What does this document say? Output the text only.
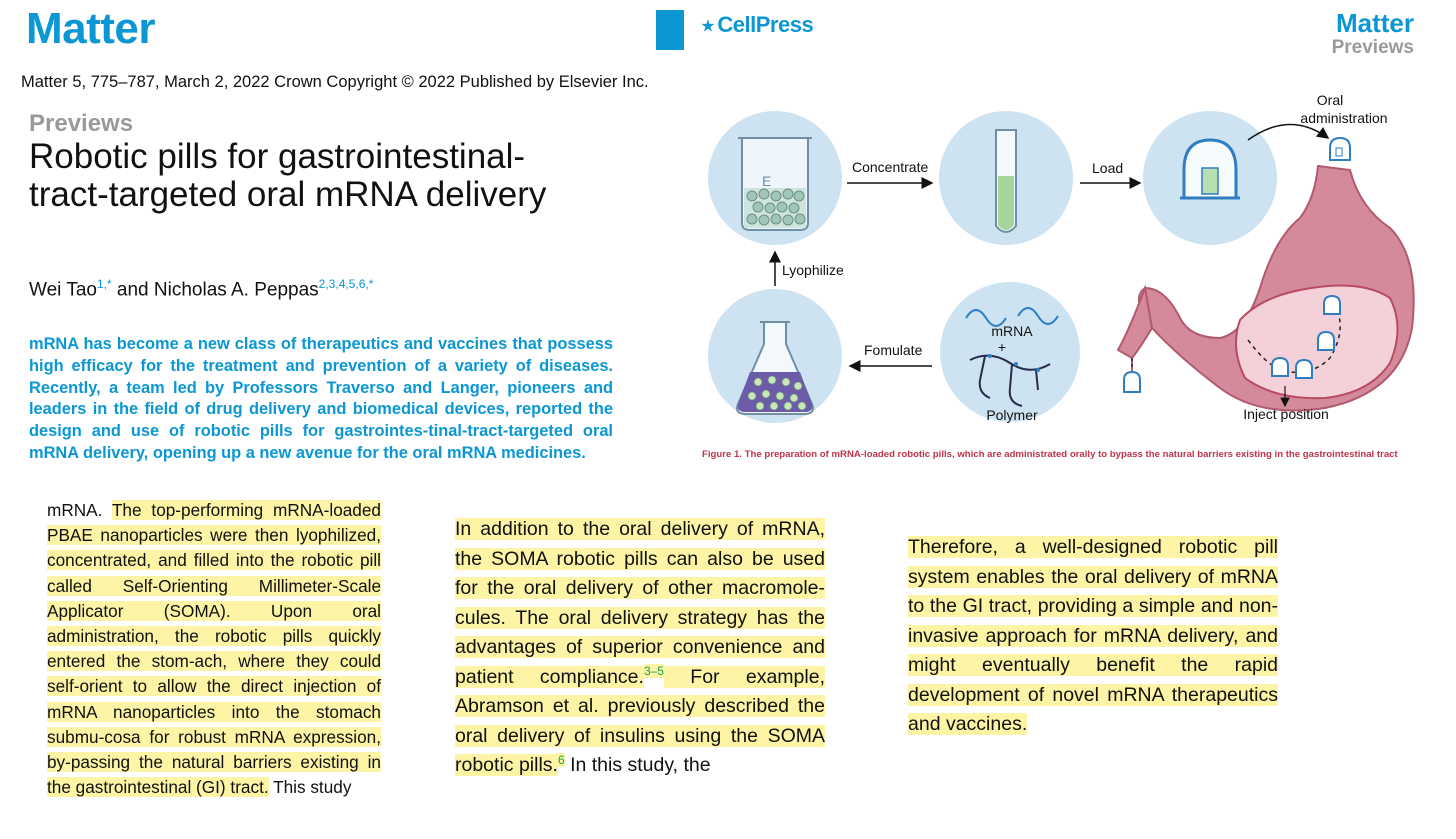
Matter	⭑ CellPress	Matter
Previews
Matter 5, 775–787, March 2, 2022 Crown Copyright © 2022 Published by Elsevier Inc.
Previews
Robotic pills for gastrointestinal-tract-targeted oral mRNA delivery
Wei Tao$^{1,*}$ and Nicholas A. Peppas$^{2,3,4,5,6,*}$
mRNA has become a new class of therapeutics and vaccines that possess high efficacy for the treatment and prevention of a variety of diseases. Recently, a team led by Professors Traverso and Langer, pioneers and leaders in the field of drug delivery and biomedical devices, reported the design and use of robotic pills for gastrointes-tinal-tract-targeted oral mRNA delivery, opening up a new avenue for the oral mRNA medicines.
mRNA. The top-performing mRNA-loaded PBAE nanoparticles were then lyophilized, concentrated, and filled into the robotic pill called Self-Orienting Millimeter-Scale Applicator (SOMA). Upon oral administration, the robotic pills quickly entered the stom-ach, where they could self-orient to allow the direct injection of mRNA nanoparticles into the stomach submu-cosa for robust mRNA expression, by-passing the natural barriers existing in the gastrointestinal (GI) tract. This study
In addition to the oral delivery of mRNA, the SOMA robotic pills can also be used for the oral delivery of other macromole-cules. The oral delivery strategy has the advantages of superior convenience and patient compliance.$^{3-5}$ For example, Abramson et al. previously described the oral delivery of insulins using the SOMA robotic pills.$^6$ In this study, the
Therefore, a well-designed robotic pill system enables the oral delivery of mRNA to the GI tract, providing a simple and non-invasive approach for mRNA delivery, and might eventually benefit the rapid development of novel mRNA therapeutics and vaccines.
E
Concentrate	Load
Oral
administration
Inject position
Lyophilize
Fomulate
mRNA
+
Polymer
Figure 1. The preparation of mRNA-loaded robotic pills, which are administrated orally to bypass the natural barriers existing in the gastrointestinal tract
